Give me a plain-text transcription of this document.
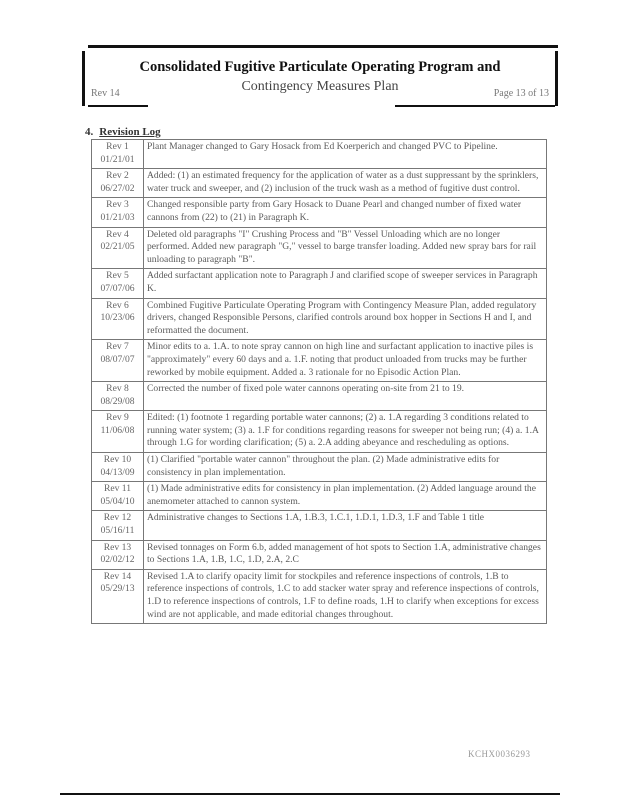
Consolidated Fugitive Particulate Operating Program and
Contingency Measures Plan
Rev 14	Page 13 of 13
4. Revision Log
Rev 1
01/21/01	Plant Manager changed to Gary Hosack from Ed Koerperich and changed PVC to Pipeline.

Rev 2
06/27/02	Added: (1) an estimated frequency for the application of water as a dust suppressant by the sprinklers, water truck and sweeper, and (2) inclusion of the truck wash as a method of fugitive dust control.

Rev 3
01/21/03	Changed responsible party from Gary Hosack to Duane Pearl and changed number of fixed water cannons from (22) to (21) in Paragraph K.

Rev 4
02/21/05	Deleted old paragraphs "I" Crushing Process and "B" Vessel Unloading which are no longer performed. Added new paragraph "G," vessel to barge transfer loading. Added new spray bars for rail unloading to paragraph "B".

Rev 5
07/07/06	Added surfactant application note to Paragraph J and clarified scope of sweeper services in Paragraph K.

Rev 6
10/23/06	Combined Fugitive Particulate Operating Program with Contingency Measure Plan, added regulatory drivers, changed Responsible Persons, clarified controls around box hopper in Sections H and I, and reformatted the document.

Rev 7
08/07/07	Minor edits to a. 1.A. to note spray cannon on high line and surfactant application to inactive piles is "approximately" every 60 days and a. 1.F. noting that product unloaded from trucks may be further reworked by mobile equipment. Added a. 3 rationale for no Episodic Action Plan.

Rev 8
08/29/08	Corrected the number of fixed pole water cannons operating on-site from 21 to 19.

Rev 9
11/06/08	Edited: (1) footnote 1 regarding portable water cannons; (2) a. 1.A regarding 3 conditions related to running water system; (3) a. 1.F for conditions regarding reasons for sweeper not being run; (4) a. 1.A through 1.G for wording clarification; (5) a. 2.A adding abeyance and rescheduling as options.

Rev 10
04/13/09	(1) Clarified "portable water cannon" throughout the plan. (2) Made administrative edits for consistency in plan implementation.

Rev 11
05/04/10	(1) Made administrative edits for consistency in plan implementation. (2) Added language around the anemometer attached to cannon system.

Rev 12
05/16/11	Administrative changes to Sections 1.A, 1.B.3, 1.C.1, 1.D.1, 1.D.3, 1.F and Table 1 title

Rev 13
02/02/12	Revised tonnages on Form 6.b, added management of hot spots to Section 1.A, administrative changes to Sections 1.A, 1.B, 1.C, 1.D, 2.A, 2.C

Rev 14
05/29/13	Revised 1.A to clarify opacity limit for stockpiles and reference inspections of controls, 1.B to reference inspections of controls, 1.C to add stacker water spray and reference inspections of controls, 1.D to reference inspections of controls, 1.F to define roads, 1.H to clarify when exceptions for excess wind are not applicable, and made editorial changes throughout.
KCHX0036293
